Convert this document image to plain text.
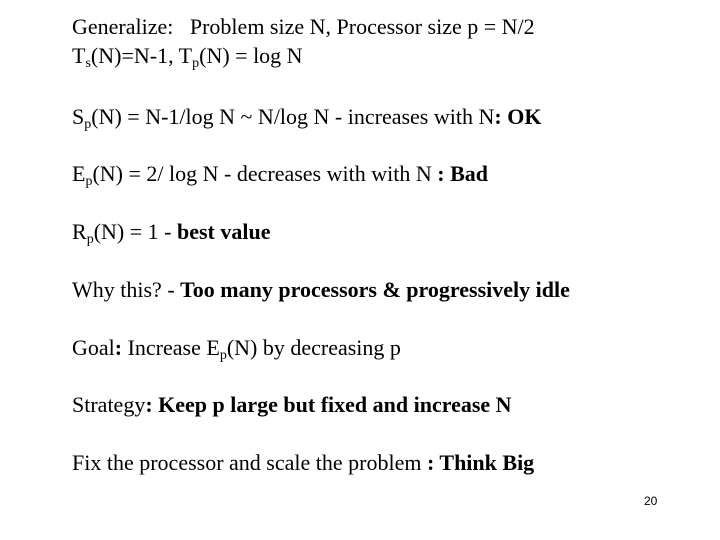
Generalize: Problem size N, Processor size p = N/2
$T_s(N)=N-1$, $T_p(N) = \log N$
$S_p(N) = N-1/\log$ N ~ N/log N - increases with N: OK
$E_p(N) = 2/$ log N - decreases with with N : Bad
$R_p(N) = 1$ - best value
Why this? - Too many processors & progressively idle
Goal: Increase $E_p(N)$ by decreasing p
Strategy: Keep p large but fixed and increase N
Fix the processor and scale the problem : Think Big
20
